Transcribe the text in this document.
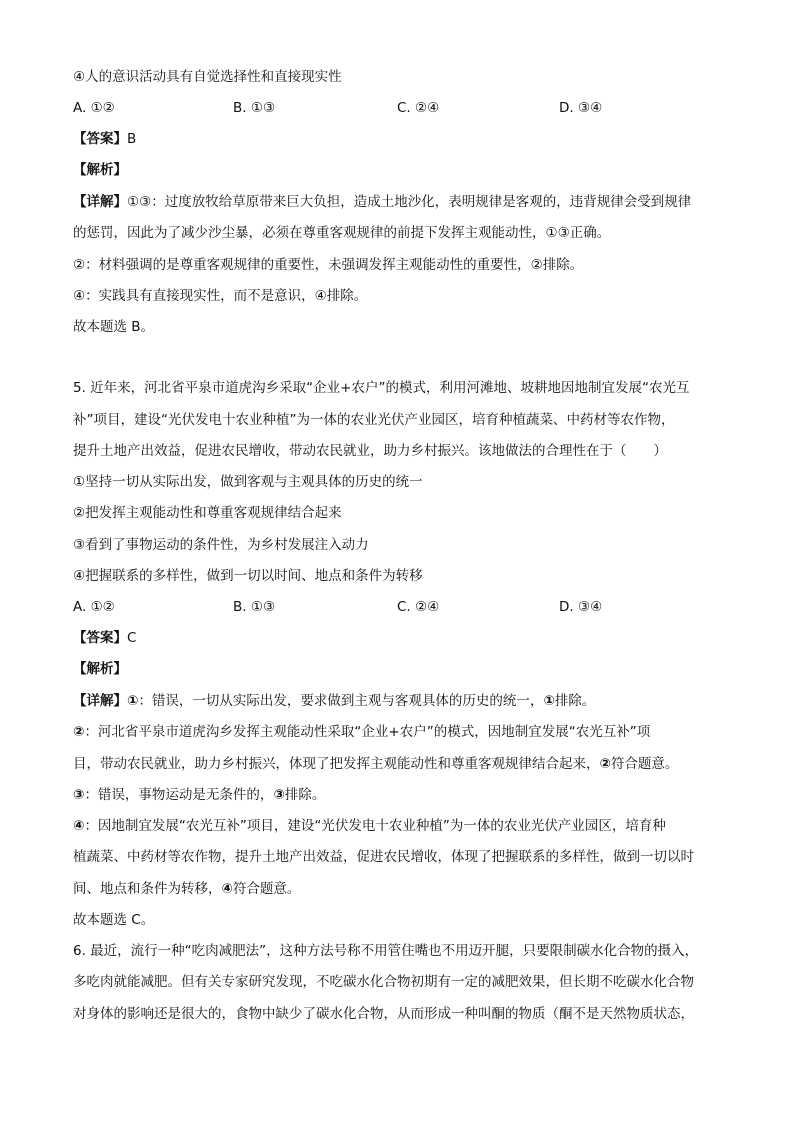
④人的意识活动具有自觉选择性和直接现实性
A. ①②	B. ①③	C. ②④	D. ③④
【答案】B
【解析】
【详解】①③：过度放牧给草原带来巨大负担，造成土地沙化，表明规律是客观的，违背规律会受到规律
的惩罚，因此为了减少沙尘暴，必须在尊重客观规律的前提下发挥主观能动性，①③正确。
②：材料强调的是尊重客观规律的重要性，未强调发挥主观能动性的重要性，②排除。
④：实践具有直接现实性，而不是意识，④排除。
故本题选 B。
5. 近年来，河北省平泉市道虎沟乡采取“企业+农户”的模式，利用河滩地、坡耕地因地制宜发展“农光互
补”项目，建设“光伏发电十农业种植”为一体的农业光伏产业园区，培育种植蔬菜、中药材等农作物，
提升土地产出效益，促进农民增收，带动农民就业，助力乡村振兴。该地做法的合理性在于（　　）
①坚持一切从实际出发，做到客观与主观具体的历史的统一
②把发挥主观能动性和尊重客观规律结合起来
③看到了事物运动的条件性，为乡村发展注入动力
④把握联系的多样性，做到一切以时间、地点和条件为转移
A. ①②	B. ①③	C. ②④	D. ③④
【答案】C
【解析】
【详解】①：错误，一切从实际出发，要求做到主观与客观具体的历史的统一，①排除。
②：河北省平泉市道虎沟乡发挥主观能动性采取“企业+农户”的模式，因地制宜发展“农光互补”项
目，带动农民就业，助力乡村振兴，体现了把发挥主观能动性和尊重客观规律结合起来，②符合题意。
③：错误，事物运动是无条件的，③排除。
④：因地制宜发展“农光互补”项目，建设“光伏发电十农业种植”为一体的农业光伏产业园区，培育种
植蔬菜、中药材等农作物，提升土地产出效益，促进农民增收，体现了把握联系的多样性，做到一切以时
间、地点和条件为转移，④符合题意。
故本题选 C。
6. 最近，流行一种“吃肉减肥法”，这种方法号称不用管住嘴也不用迈开腿，只要限制碳水化合物的摄入，
多吃肉就能减肥。但有关专家研究发现，不吃碳水化合物初期有一定的减肥效果，但长期不吃碳水化合物
对身体的影响还是很大的，食物中缺少了碳水化合物，从而形成一种叫酮的物质（酮不是天然物质状态，
